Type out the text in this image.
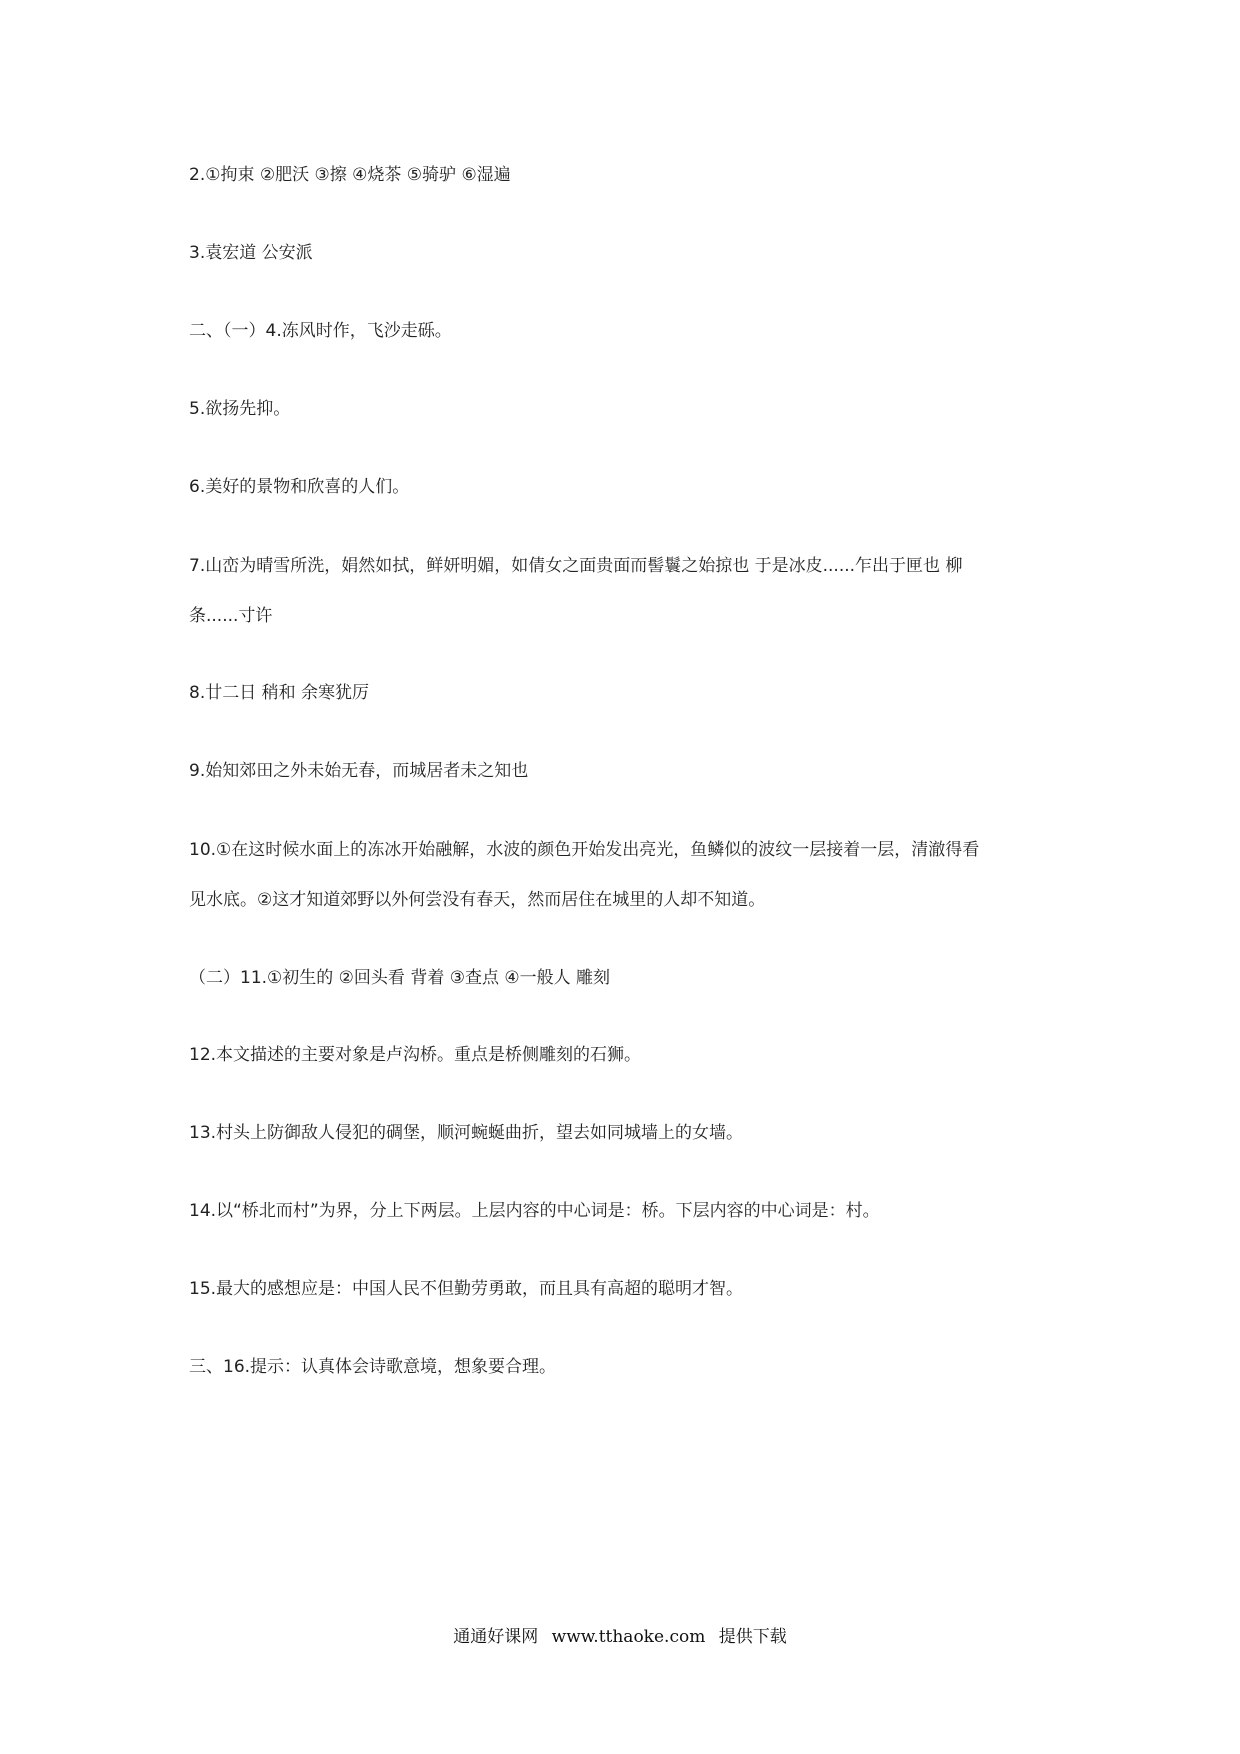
2.①拘束 ②肥沃 ③擦 ④烧茶 ⑤骑驴 ⑥湿遍
3.袁宏道 公安派
二、（一）4.冻风时作，飞沙走砾。
5.欲扬先抑。
6.美好的景物和欣喜的人们。
7.山峦为晴雪所洗，娟然如拭，鲜妍明媚，如倩女之面贵面而髻鬟之始掠也 于是冰皮......乍出于匣也 柳
条......寸许
8.廿二日 稍和 余寒犹厉
9.始知郊田之外未始无春，而城居者未之知也
10.①在这时候水面上的冻冰开始融解，水波的颜色开始发出亮光，鱼鳞似的波纹一层接着一层，清澈得看
见水底。②这才知道郊野以外何尝没有春天，然而居住在城里的人却不知道。
（二）11.①初生的 ②回头看 背着 ③查点 ④一般人 雕刻
12.本文描述的主要对象是卢沟桥。重点是桥侧雕刻的石狮。
13.村头上防御敌人侵犯的碉堡，顺河蜿蜒曲折，望去如同城墙上的女墙。
14.以“桥北而村”为界，分上下两层。上层内容的中心词是：桥。下层内容的中心词是：村。
15.最大的感想应是：中国人民不但勤劳勇敢，而且具有高超的聪明才智。
三、16.提示：认真体会诗歌意境，想象要合理。
通通好课网 www.tthaoke.com 提供下载
